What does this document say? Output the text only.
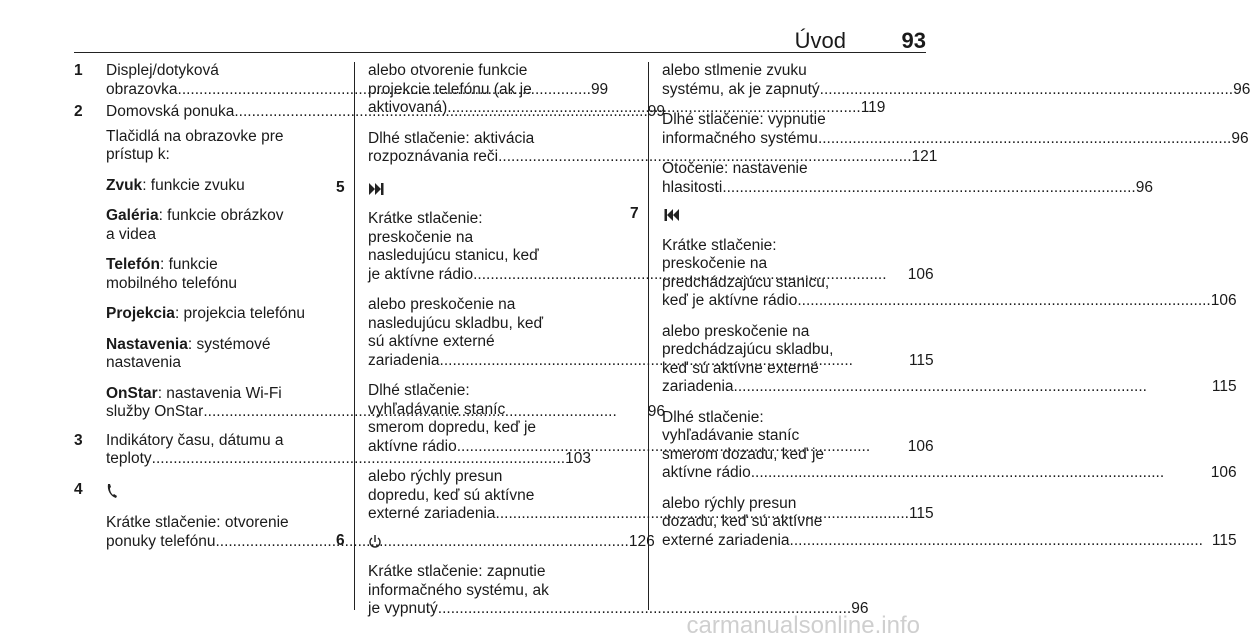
Úvod	93
1	Displej/dotyková
obrazovka .....	99
2	Domovská ponuka .....	99

Tlačidlá na obrazovke pre
prístup k:

Zvuk: funkcie zvuku

Galéria: funkcie obrázkov
a videa

Telefón: funkcie
mobilného telefónu

Projekcia: projekcia telefónu

Nastavenia: systémové
nastavenia

OnStar: nastavenia Wi-Fi
služby OnStar .....	96

3	Indikátory času, dátumu a
teploty .....	103
4

Krátke stlačenie: otvorenie
ponuky telefónu .....	126

alebo otvorenie funkcie
projekcie telefónu (ak je
aktivovaná) .....	119

Dlhé stlačenie: aktivácia
rozpoznávania reči .....	121

5

Krátke stlačenie:
preskočenie na
nasledujúcu stanicu, keď
je aktívne rádio .....	106

alebo preskočenie na
nasledujúcu skladbu, keď
sú aktívne externé
zariadenia .....	115

Dlhé stlačenie:
vyhľadávanie staníc
smerom dopredu, keď je
aktívne rádio .....	106

alebo rýchly presun
dopredu, keď sú aktívne
externé zariadenia .....	115

6

Krátke stlačenie: zapnutie
informačného systému, ak
je vypnutý .....	96

alebo stlmenie zvuku
systému, ak je zapnutý .....	96

Dlhé stlačenie: vypnutie
informačného systému .....	96

Otočenie: nastavenie
hlasitosti .....	96

7

Krátke stlačenie:
preskočenie na
predchádzajúcu stanicu,
keď je aktívne rádio .....	106

alebo preskočenie na
predchádzajúcu skladbu,
keď sú aktívne externé
zariadenia .....	115

Dlhé stlačenie:
vyhľadávanie staníc
smerom dozadu, keď je
aktívne rádio .....	106

alebo rýchly presun
dozadu, keď sú aktívne
externé zariadenia .....	115

carmanualsonline.info
